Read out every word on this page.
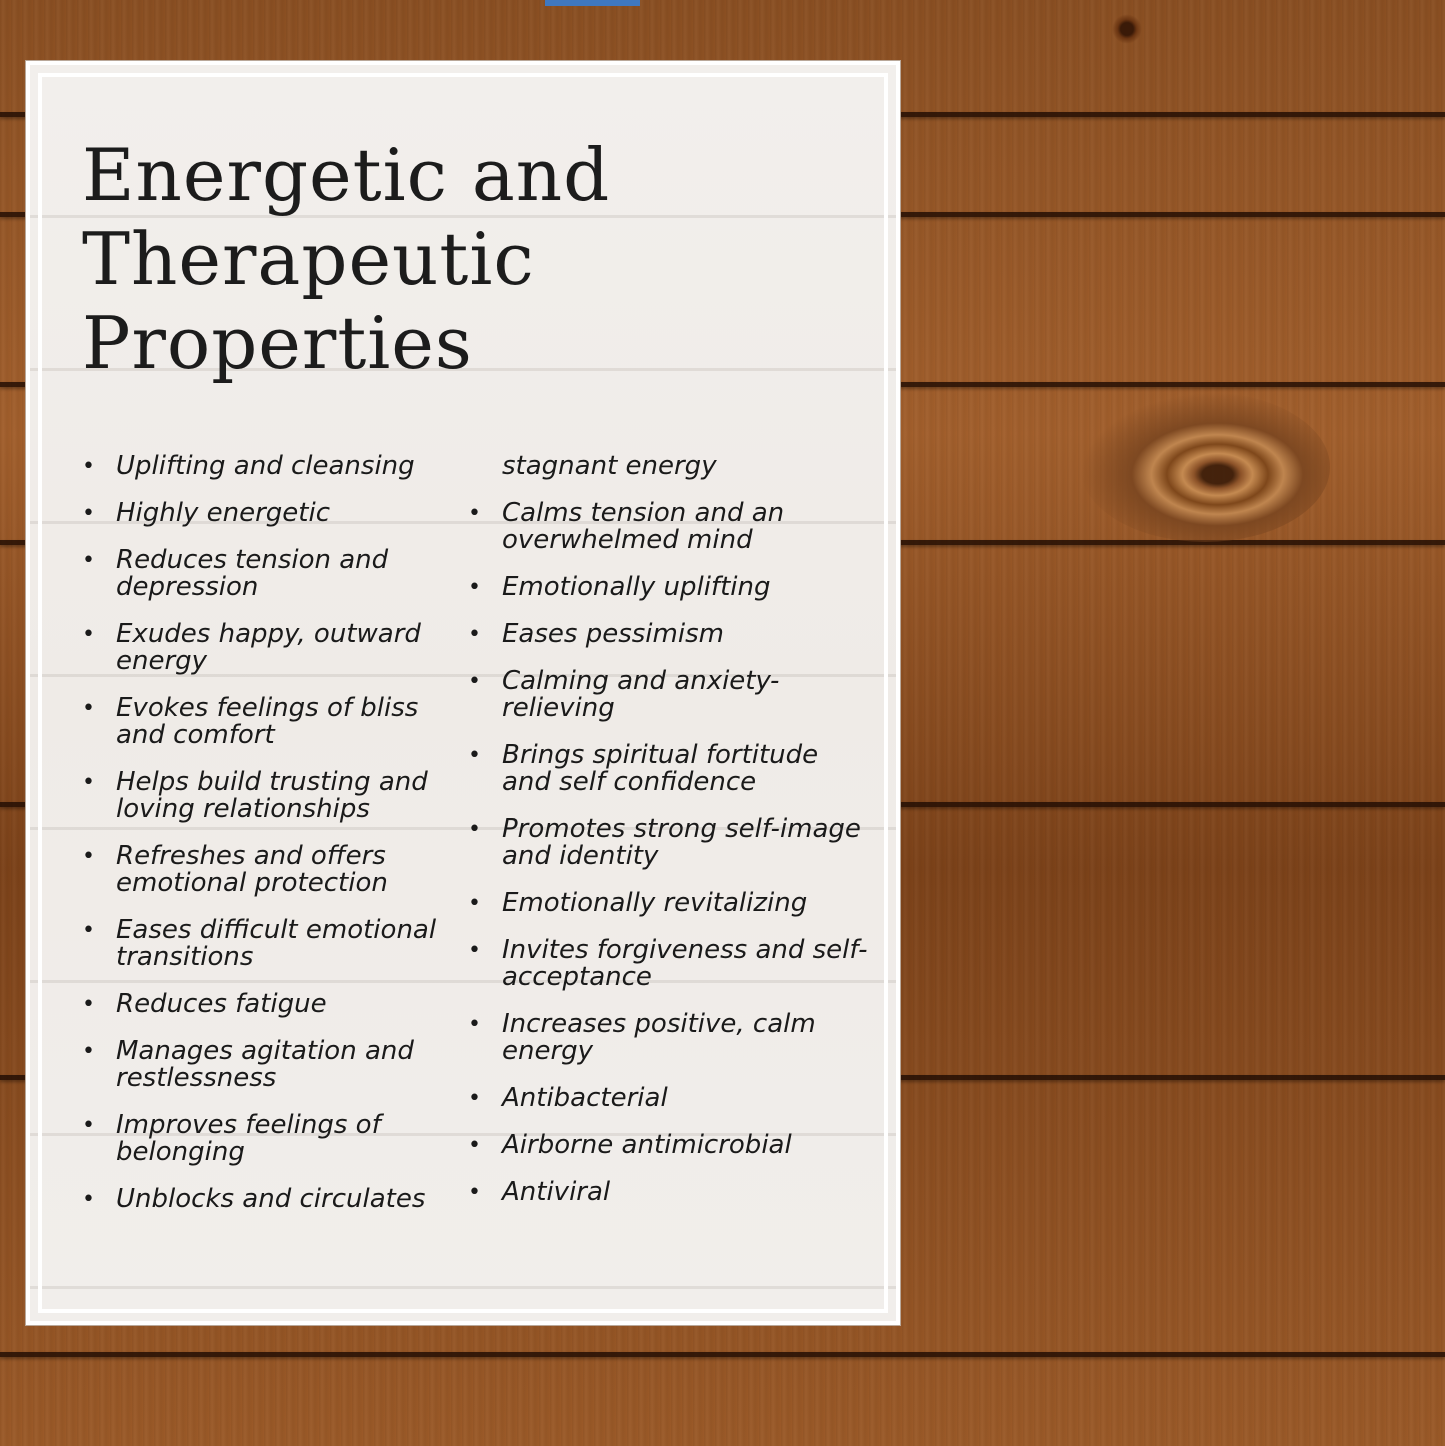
Energetic and
Therapeutic
Properties
• Uplifting and cleansing
• Highly energetic
• Reduces tension and depression
• Exudes happy, outward energy
• Evokes feelings of bliss and comfort
• Helps build trusting and loving relationships
• Refreshes and offers emotional protection
• Eases difficult emotional transitions
• Reduces fatigue
• Manages agitation and restlessness
• Improves feelings of belonging
• Unblocks and circulates
stagnant energy
• Calms tension and an overwhelmed mind
• Emotionally uplifting
• Eases pessimism
• Calming and anxiety-relieving
• Brings spiritual fortitude and self confidence
• Promotes strong self-image and identity
• Emotionally revitalizing
• Invites forgiveness and self-acceptance
• Increases positive, calm energy
• Antibacterial
• Airborne antimicrobial
• Antiviral
